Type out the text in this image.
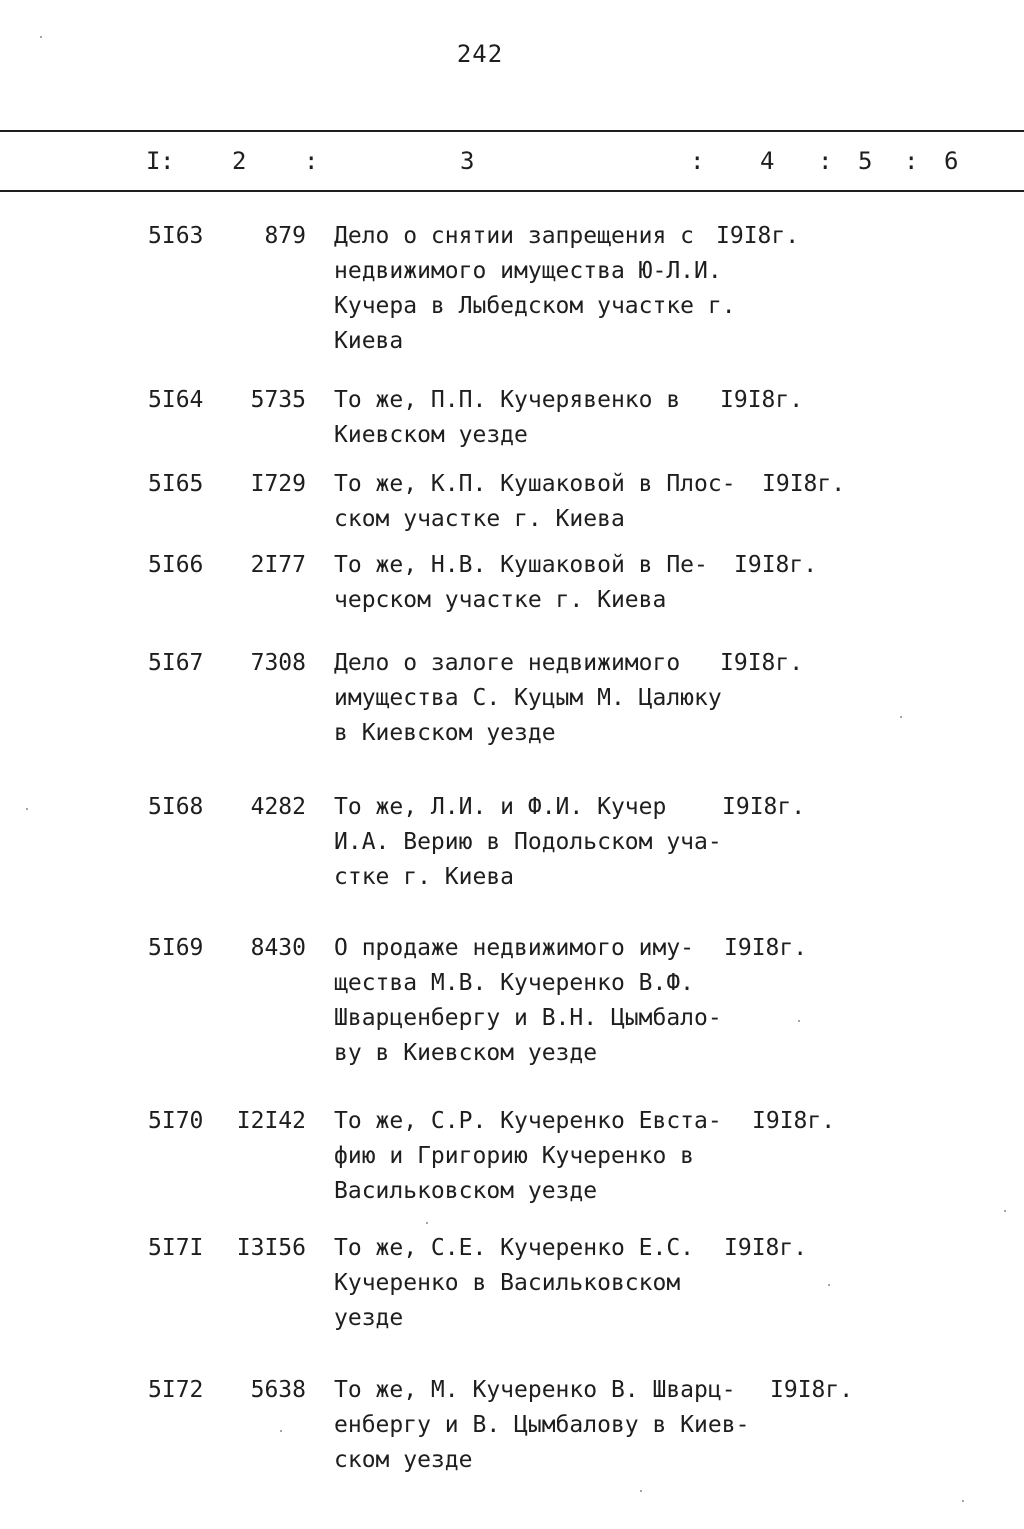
242
I : 2 :	3	: 4 : 5 : 6
5I63	879 Дело о снятии запрещения с
недвижимого имущества Ю-Л.И.
Кучера в Лыбедском участке г.
Киева
I9I8г.
5I64 5735 То же, П.П. Кучерявенко в
Киевском уезде
I9I8г.
5I65 I729 То же, К.П. Кушаковой в Плос-
ском участке г. Киева
I9I8г.
5I66 2I77 То же, Н.В. Кушаковой в Пе-
черском участке г. Киева
I9I8г.
5I67 7308 Дело о залоге недвижимого
имущества С. Куцым М. Цалюку
в Киевском уезде
I9I8г.
5I68 4282 То же, Л.И. и Ф.И. Кучер
И.А. Верию в Подольском уча-
стке г. Киева
I9I8г.
5I69 8430 О продаже недвижимого иму-
щества М.В. Кучеренко В.Ф.
Шварценбергу и В.Н. Цымбало-
ву в Киевском уезде
I9I8г.
5I70 I2I42 То же, С.Р. Кучеренко Евста-
фию и Григорию Кучеренко в
Васильковском уезде
I9I8г.
5I7I I3I56 То же, С.Е. Кучеренко Е.С.
Кучеренко в Васильковском
уезде
I9I8г.
5I72 5638 То же, М. Кучеренко В. Шварц-
енбергу и В. Цымбалову в Киев-
ском уезде
I9I8г.
